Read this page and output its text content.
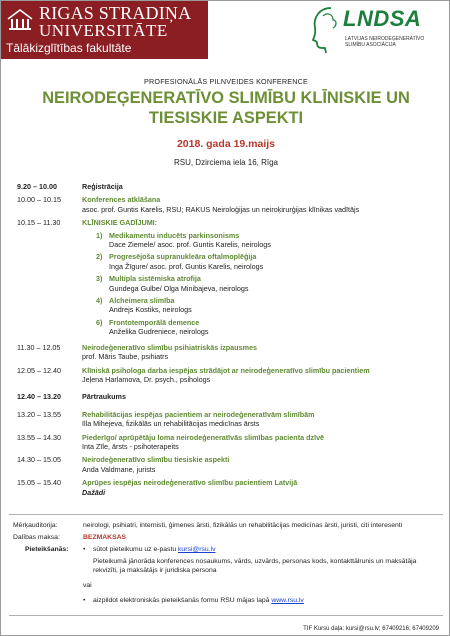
RIGAS STRADIŅA
UNIVERSITĀTE
Tālākizglītības fakultāte
LNDSA
LATVIJAS NEIRODEĢENERATĪVO
SLIMĪBU ASOCIĀCIJA
PROFESIONĀLĀS PILNVEIDES KONFERENCE
NEIRODEĢENERATĪVO SLIMĪBU KLĪNISKIE UN
TIESISKIE ASPEKTI
2018. gada 19.maijs
RSU, Dzirciema iela 16, Rīga
9.20 – 10.00	Reģistrācija
10.00 – 10.15	Konferences atklāšana
asoc. prof. Guntis Karelis, RSU; RAKUS Neiroloģijas un neiroķirurģijas klīnikas vadītājs
10.15 – 11.30	KLĪNISKIE GADĪJUMI:
1) Medikamentu inducēts parkinsonisms
Dace Ziemele/ asoc. prof. Guntis Karelis, neirologs
2) Progresējoša supranukleāra oftalmoplēģija
Inga Žīgure/ asoc. prof. Guntis Karelis, neirologs
3) Multipla sistēmiska atrofija
Gundega Gulbe/ Olga Minibajeva, neirologs
4) Alcheimera slimība
Andrejs Kostiks, neirologs
6) Frontotemporālā demence
Anželika Gudreniece, neirologs
11.30 – 12.05	Neirodeģeneratīvo slimību psihiatriskās izpausmes
prof. Māris Taube, psihiatrs
12.05 – 12.40	Klīniskā psihologa darba iespējas strādājot ar neirodeģeneratīvo slimību pacientiem
Jeļena Harlamova, Dr. psych., psihologs
12.40 – 13.20	Pārtraukums
13.20 – 13.55	Rehabilitācijas iespējas pacientiem ar neirodeģeneratīvām slimībām
Illa Mihejeva, fizikālās un rehabilitācijas medicīnas ārsts
13.55 – 14.30	Piederīgo/ aprūpētāju loma neirodeģeneratīvās slimības pacienta dzīvē
Inta Zīle, ārsts - psihoterapeits
14.30 – 15.05	Neirodeģeneratīvo slimību tiesiskie aspekti
Anda Valdmane, jurists
15.05 – 15.40	Aprūpes iespējas neirodeģeneratīvo slimību pacientiem Latvijā
Dažādi
Mērķauditorija:	neirologi, psihiatri, internisti, ģimenes ārsti, fizikālās un rehabilitācijas medicīnas ārsti, juristi, citi interesenti
Dalības maksa:	BEZMAKSAS
Pieteikšanās:	• sūtot pieteikumu uz e-pastu kursi@rsu.lv
Pieteikumā jānorāda konferences nosaukums, vārds, uzvārds, personas kods, kontakttālrunis un maksātāja rekvizīti, ja maksātājs ir juridiska persona
vai
• aizpildot elektroniskās pieteikšanās formu RSU mājas lapā www.rsu.lv
TIF Kursu daļa: kursi@rsu.lv; 67409216; 67409209
